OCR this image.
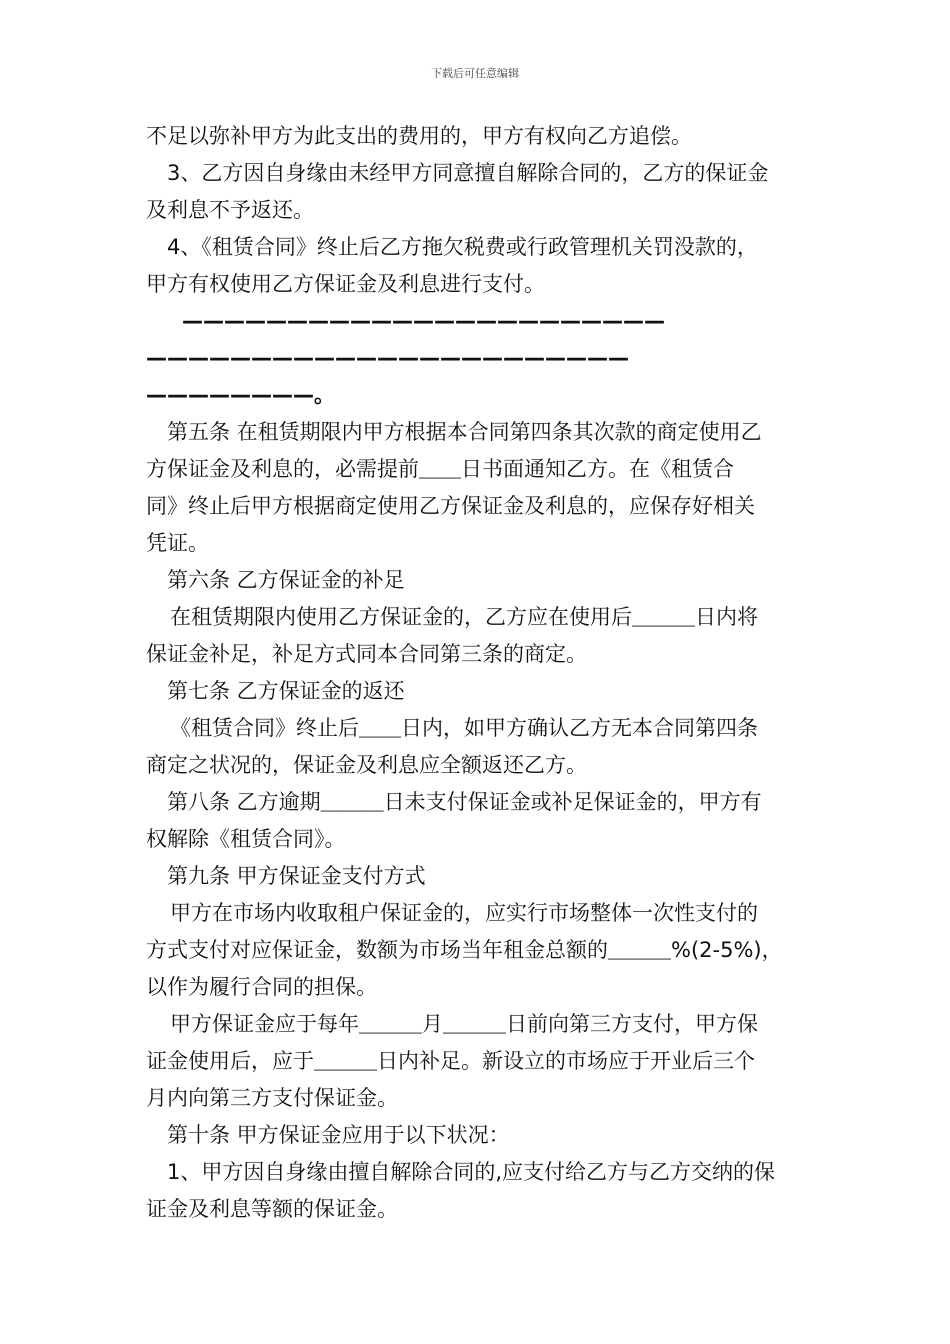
下载后可任意编辑
不足以弥补甲方为此支出的费用的，甲方有权向乙方追偿。
3、乙方因自身缘由未经甲方同意擅自解除合同的，乙方的保证金
及利息不予返还。
4、《租赁合同》终止后乙方拖欠税费或行政管理机关罚没款的，
甲方有权使用乙方保证金及利息进行支付。
———————————————————————
———————————————————————
————————。
第五条 在租赁期限内甲方根据本合同第四条其次款的商定使用乙
方保证金及利息的，必需提前＿＿日书面通知乙方。在《租赁合
同》终止后甲方根据商定使用乙方保证金及利息的，应保存好相关
凭证。
第六条 乙方保证金的补足
在租赁期限内使用乙方保证金的，乙方应在使用后＿＿＿日内将
保证金补足，补足方式同本合同第三条的商定。
第七条 乙方保证金的返还
《租赁合同》终止后＿＿日内，如甲方确认乙方无本合同第四条
商定之状况的，保证金及利息应全额返还乙方。
第八条 乙方逾期＿＿＿日未支付保证金或补足保证金的，甲方有
权解除《租赁合同》。
第九条 甲方保证金支付方式
甲方在市场内收取租户保证金的，应实行市场整体一次性支付的
方式支付对应保证金，数额为市场当年租金总额的＿＿＿%(2-5%)，
以作为履行合同的担保。
甲方保证金应于每年＿＿＿月＿＿＿日前向第三方支付，甲方保
证金使用后，应于＿＿＿日内补足。新设立的市场应于开业后三个
月内向第三方支付保证金。
第十条 甲方保证金应用于以下状况：
1、甲方因自身缘由擅自解除合同的,应支付给乙方与乙方交纳的保
证金及利息等额的保证金。
